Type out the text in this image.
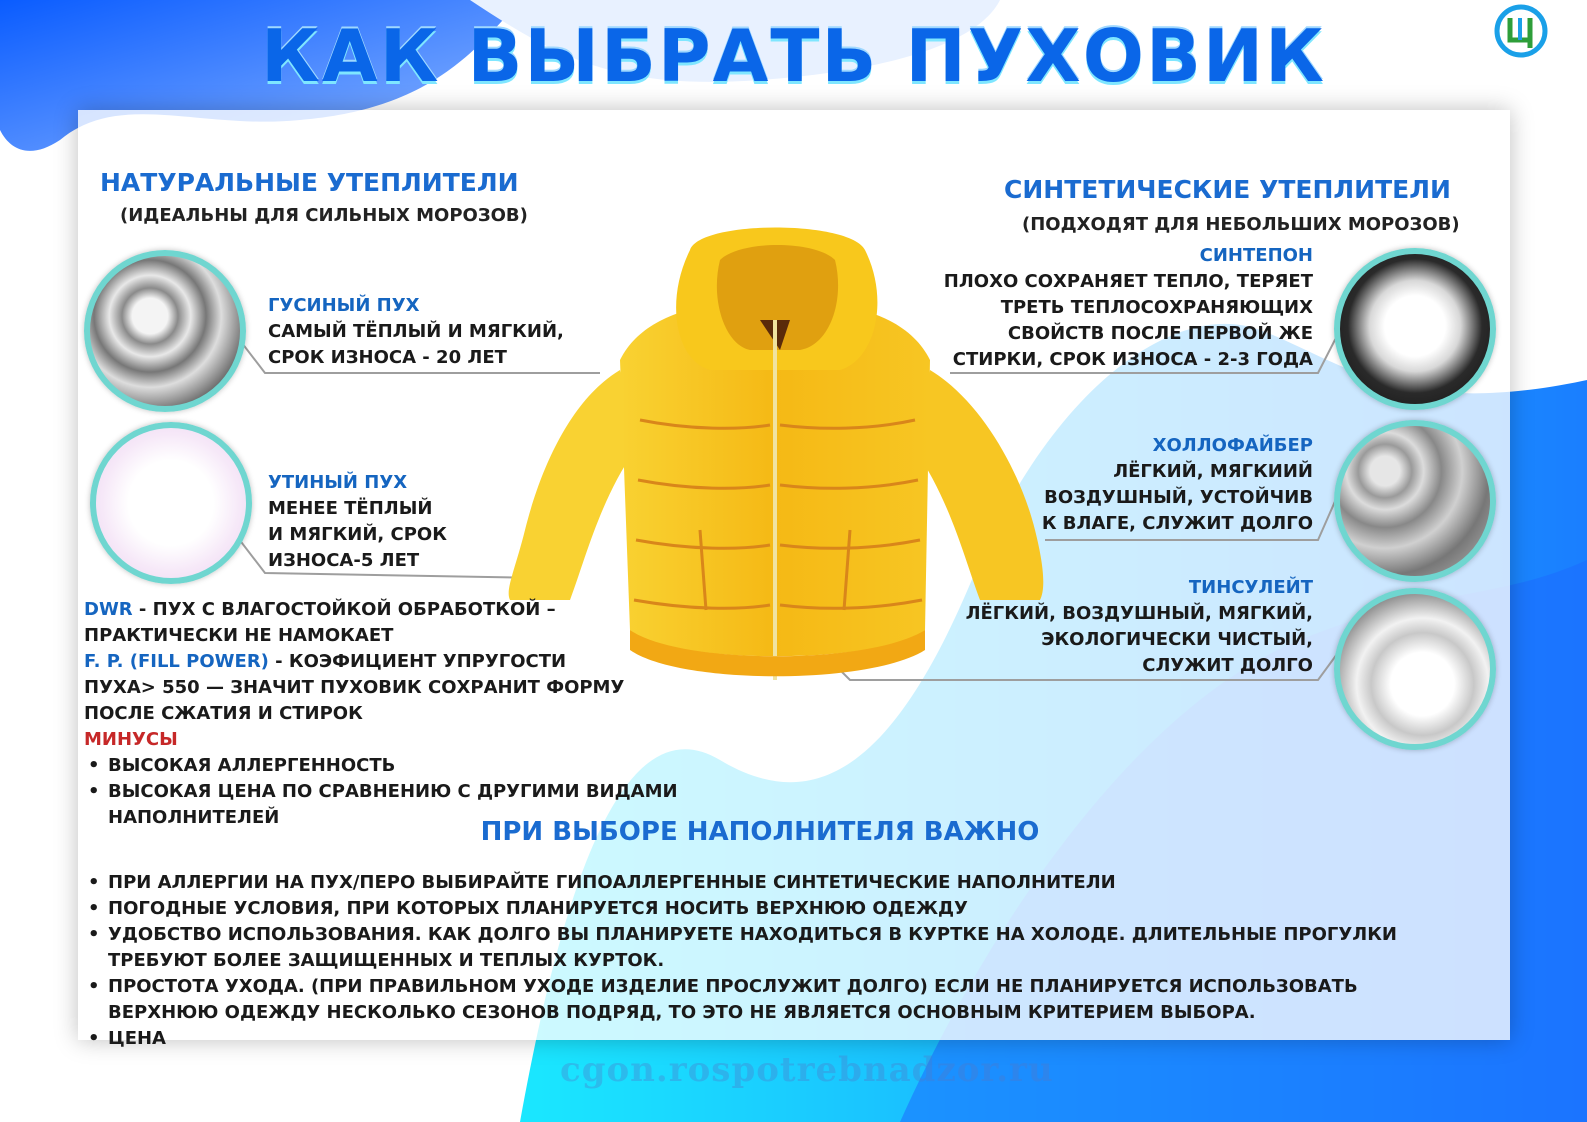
КАК ВЫБРАТЬ ПУХОВИК
НАТУРАЛЬНЫЕ УТЕПЛИТЕЛИ
(ИДЕАЛЬНЫ ДЛЯ СИЛЬНЫХ МОРОЗОВ)
СИНТЕТИЧЕСКИЕ УТЕПЛИТЕЛИ
(ПОДХОДЯТ ДЛЯ НЕБОЛЬШИХ МОРОЗОВ)
ГУСИНЫЙ ПУХ
САМЫЙ ТЁПЛЫЙ И МЯГКИЙ,
СРОК ИЗНОСА - 20 ЛЕТ
УТИНЫЙ ПУХ
МЕНЕЕ ТЁПЛЫЙ
И МЯГКИЙ, СРОК
ИЗНОСА-5 ЛЕТ
СИНТЕПОН
ПЛОХО СОХРАНЯЕТ ТЕПЛО, ТЕРЯЕТ
ТРЕТЬ ТЕПЛОСОХРАНЯЮЩИХ
СВОЙСТВ ПОСЛЕ ПЕРВОЙ ЖЕ
СТИРКИ, СРОК ИЗНОСА - 2-3 ГОДА
ХОЛЛОФАЙБЕР
ЛЁГКИЙ, МЯГКИИЙ
ВОЗДУШНЫЙ, УСТОЙЧИВ
К ВЛАГЕ, СЛУЖИТ ДОЛГО
ТИНСУЛЕЙТ
ЛЁГКИЙ, ВОЗДУШНЫЙ, МЯГКИЙ,
ЭКОЛОГИЧЕСКИ ЧИСТЫЙ,
СЛУЖИТ ДОЛГО
DWR - ПУХ С ВЛАГОСТОЙКОЙ ОБРАБОТКОЙ –
ПРАКТИЧЕСКИ НЕ НАМОКАЕТ
F. P. (FILL POWER) - КОЭФИЦИЕНТ УПРУГОСТИ
ПУХА> 550 — ЗНАЧИТ ПУХОВИК СОХРАНИТ ФОРМУ
ПОСЛЕ СЖАТИЯ И СТИРОК
МИНУСЫ
• ВЫСОКАЯ АЛЛЕРГЕННОСТЬ
• ВЫСОКАЯ ЦЕНА ПО СРАВНЕНИЮ С ДРУГИМИ ВИДАМИ НАПОЛНИТЕЛЕЙ	ПРИ ВЫБОРЕ НАПОЛНИТЕЛЯ ВАЖНО
• ПРИ АЛЛЕРГИИ НА ПУХ/ПЕРО ВЫБИРАЙТЕ ГИПОАЛЛЕРГЕННЫЕ СИНТЕТИЧЕСКИЕ НАПОЛНИТЕЛИ
• ПОГОДНЫЕ УСЛОВИЯ, ПРИ КОТОРЫХ ПЛАНИРУЕТСЯ НОСИТЬ ВЕРХНЮЮ ОДЕЖДУ
• УДОБСТВО ИСПОЛЬЗОВАНИЯ. КАК ДОЛГО ВЫ ПЛАНИРУЕТЕ НАХОДИТЬСЯ В КУРТКЕ НА ХОЛОДЕ. ДЛИТЕЛЬНЫЕ ПРОГУЛКИ ТРЕБУЮТ БОЛЕЕ ЗАЩИЩЕННЫХ И ТЕПЛЫХ КУРТОК.
• ПРОСТОТА УХОДА. (ПРИ ПРАВИЛЬНОМ УХОДЕ ИЗДЕЛИЕ ПРОСЛУЖИТ ДОЛГО) ЕСЛИ НЕ ПЛАНИРУЕТСЯ ИСПОЛЬЗОВАТЬ ВЕРХНЮЮ ОДЕЖДУ НЕСКОЛЬКО СЕЗОНОВ ПОДРЯД, ТО ЭТО НЕ ЯВЛЯЕТСЯ ОСНОВНЫМ КРИТЕРИЕМ ВЫБОРА.
• ЦЕНА
cgon.rospotrebnadzor.ru
